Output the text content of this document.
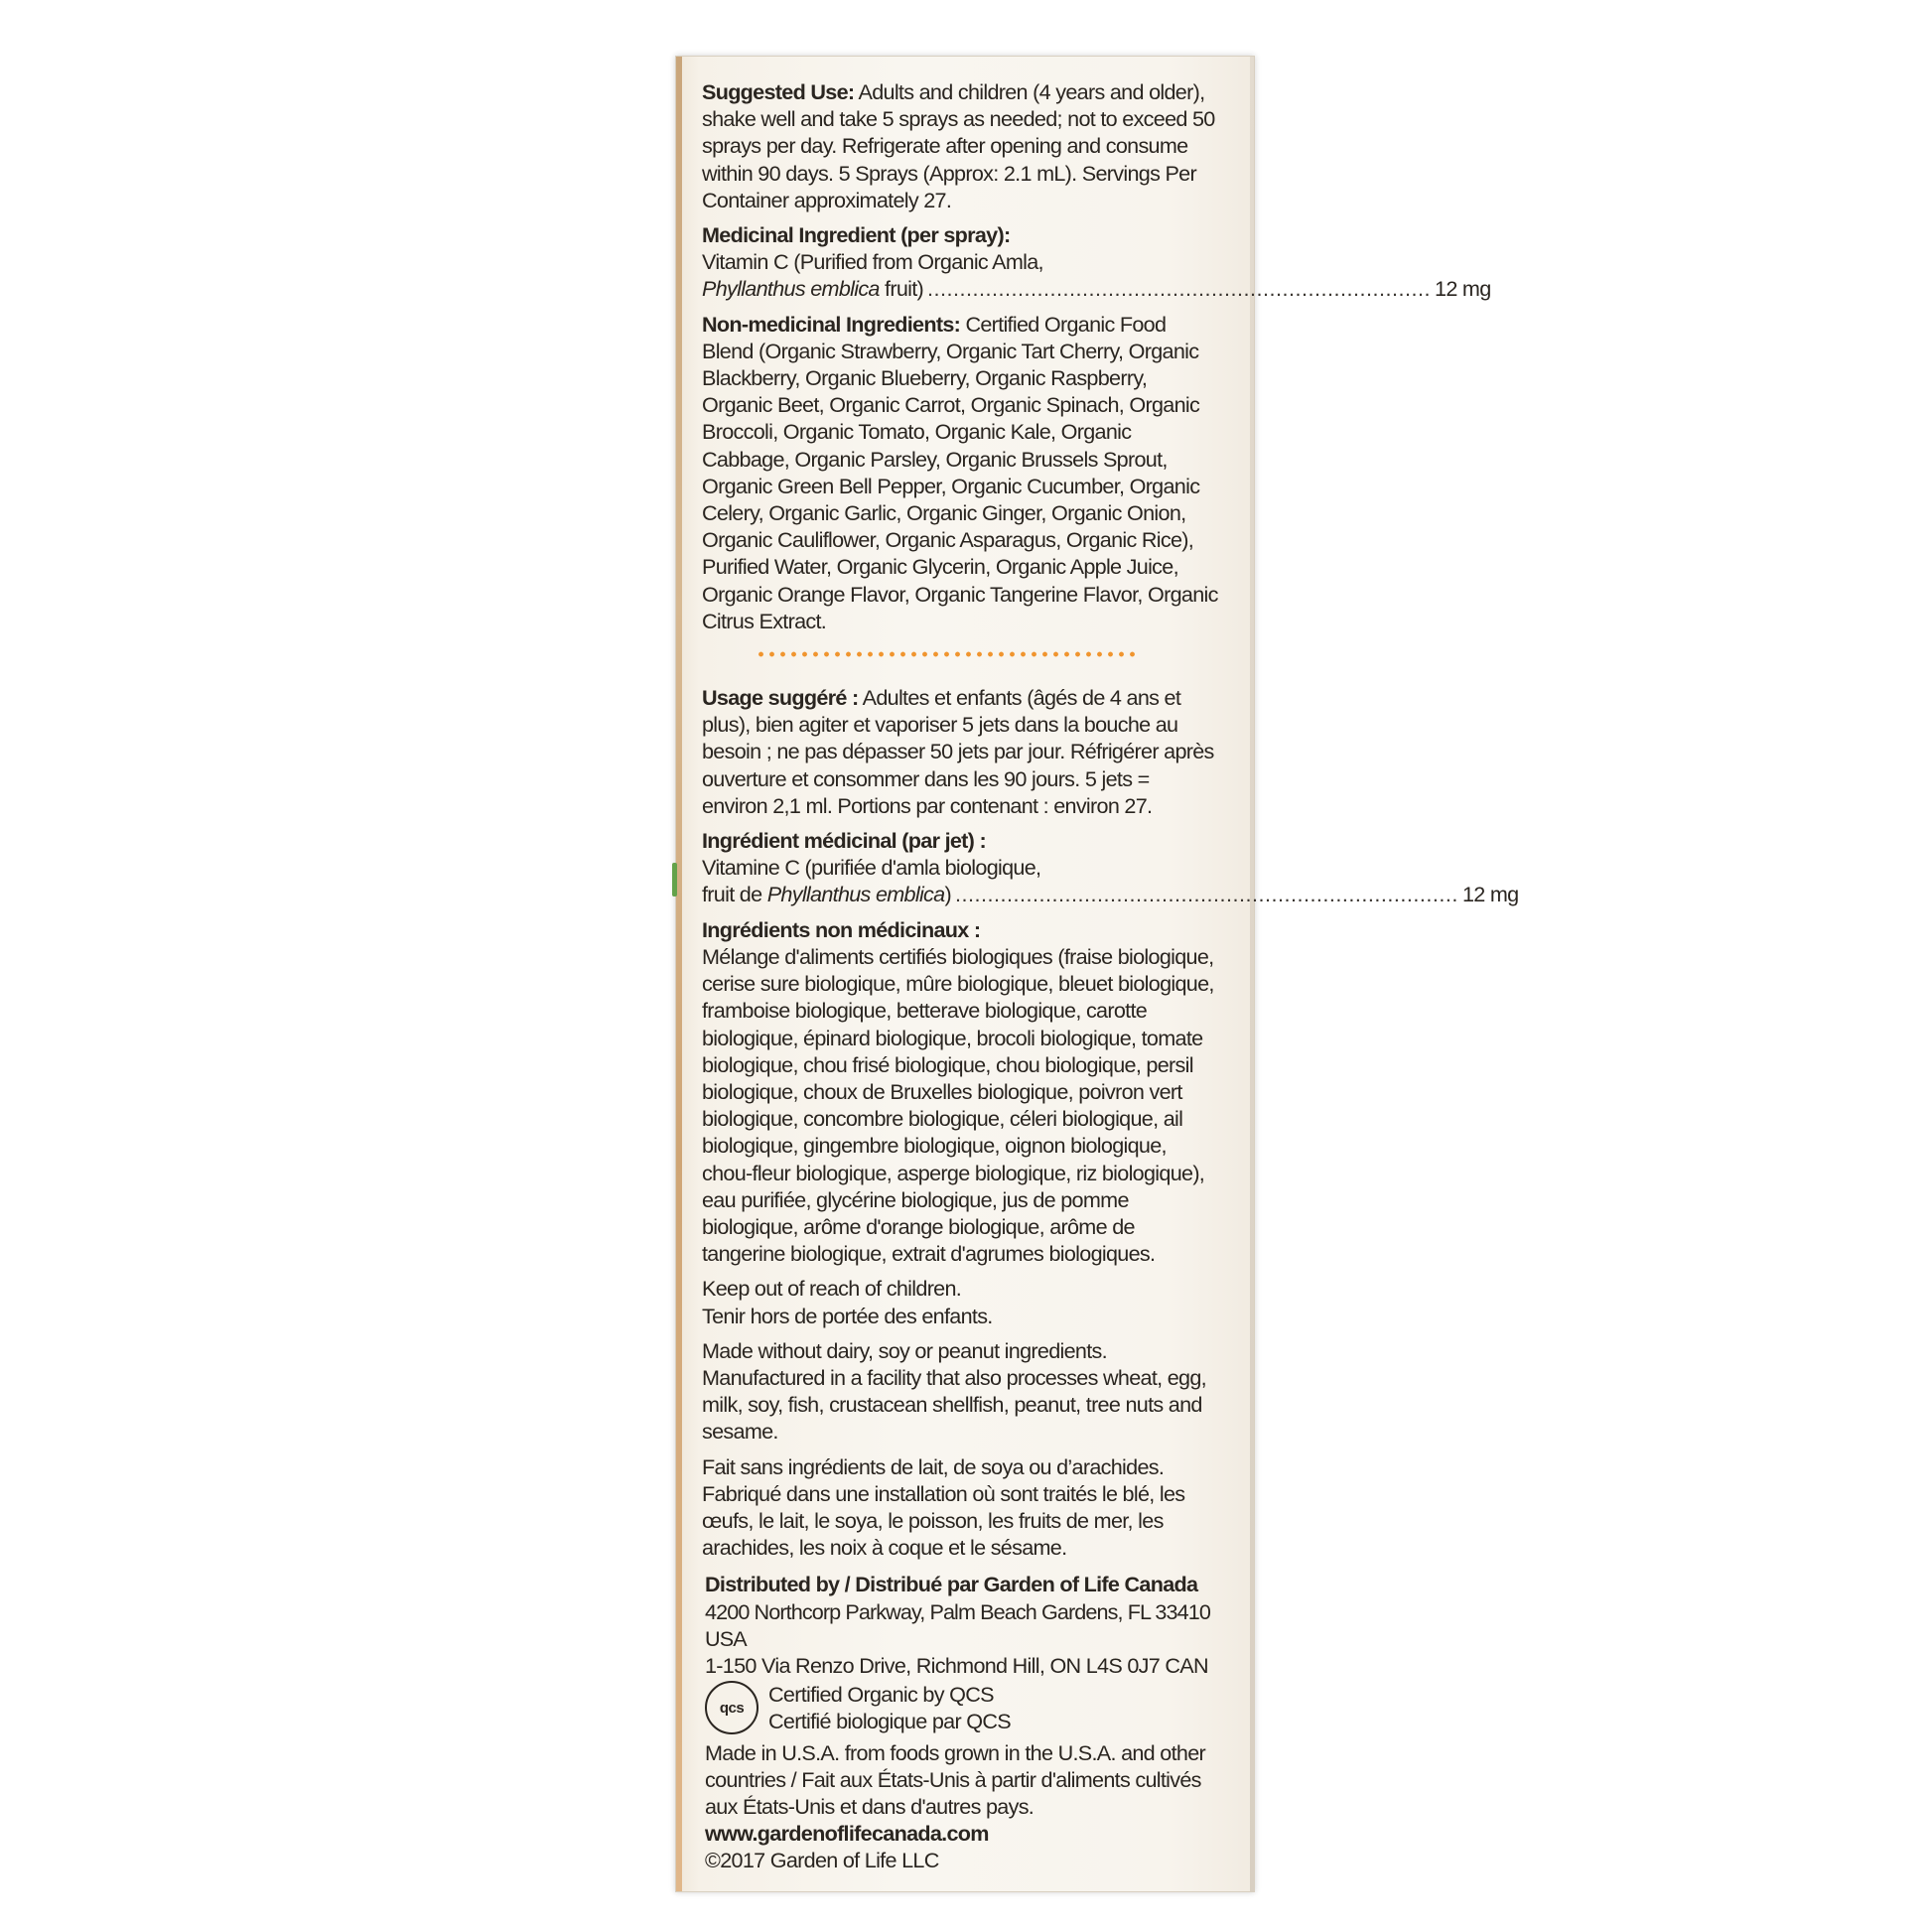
Suggested Use: Adults and children (4 years and older), shake well and take 5 sprays as needed; not to exceed 50 sprays per day. Refrigerate after opening and consume within 90 days. 5 Sprays (Approx: 2.1 mL). Servings Per Container approximately 27.

Medicinal Ingredient (per spray):
Vitamin C (Purified from Organic Amla,
Phyllanthus emblica fruit) .............................................................................. 12 mg

Non-medicinal Ingredients: Certified Organic Food Blend (Organic Strawberry, Organic Tart Cherry, Organic Blackberry, Organic Blueberry, Organic Raspberry, Organic Beet, Organic Carrot, Organic Spinach, Organic Broccoli, Organic Tomato, Organic Kale, Organic Cabbage, Organic Parsley, Organic Brussels Sprout, Organic Green Bell Pepper, Organic Cucumber, Organic Celery, Organic Garlic, Organic Ginger, Organic Onion, Organic Cauliflower, Organic Asparagus, Organic Rice), Purified Water, Organic Glycerin, Organic Apple Juice, Organic Orange Flavor, Organic Tangerine Flavor, Organic Citrus Extract.

Usage suggéré : Adultes et enfants (âgés de 4 ans et plus), bien agiter et vaporiser 5 jets dans la bouche au besoin ; ne pas dépasser 50 jets par jour. Réfrigérer après ouverture et consommer dans les 90 jours. 5 jets = environ 2,1 ml. Portions par contenant : environ 27.

Ingrédient médicinal (par jet) :
Vitamine C (purifiée d'amla biologique,
fruit de Phyllanthus emblica) .............................................................................. 12 mg
Ingrédients non médicinaux :
Mélange d'aliments certifiés biologiques (fraise biologique, cerise sure biologique, mûre biologique, bleuet biologique, framboise biologique, betterave biologique, carotte biologique, épinard biologique, brocoli biologique, tomate biologique, chou frisé biologique, chou biologique, persil biologique, choux de Bruxelles biologique, poivron vert biologique, concombre biologique, céleri biologique, ail biologique, gingembre biologique, oignon biologique, chou-fleur biologique, asperge biologique, riz biologique), eau purifiée, glycérine biologique, jus de pomme biologique, arôme d'orange biologique, arôme de tangerine biologique, extrait d'agrumes biologiques.
Keep out of reach of children.
Tenir hors de portée des enfants.

Made without dairy, soy or peanut ingredients. Manufactured in a facility that also processes wheat, egg, milk, soy, fish, crustacean shellfish, peanut, tree nuts and sesame.

Fait sans ingrédients de lait, de soya ou d’arachides. Fabriqué dans une installation où sont traités le blé, les œufs, le lait, le soya, le poisson, les fruits de mer, les arachides, les noix à coque et le sésame.

Distributed by / Distribué par Garden of Life Canada
4200 Northcorp Parkway, Palm Beach Gardens, FL 33410 USA
1-150 Via Renzo Drive, Richmond Hill, ON L4S 0J7 CAN
qcs
Certified Organic by QCS
Certifié biologique par QCS
Made in U.S.A. from foods grown in the U.S.A. and other countries / Fait aux États-Unis à partir d'aliments cultivés aux États-Unis et dans d'autres pays.
www.gardenoflifecanada.com
©2017 Garden of Life LLC
